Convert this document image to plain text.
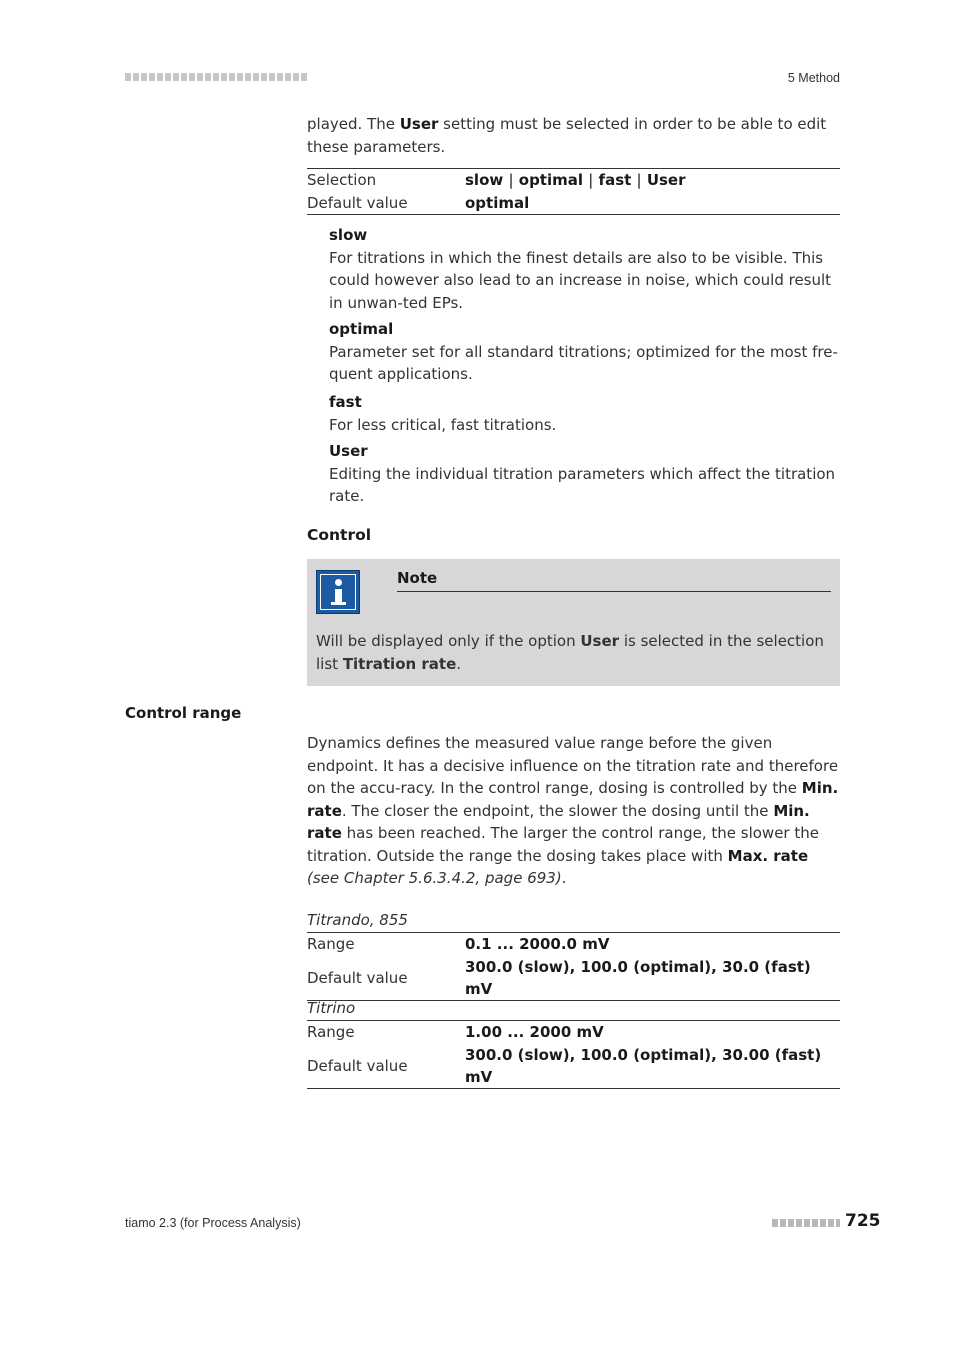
5 Method

played. The User setting must be selected in order to be able to edit these parameters.

Selection	slow | optimal | fast | User
Default value	optimal
slow
For titrations in which the finest details are also to be visible. This could however also lead to an increase in noise, which could result in unwan-ted EPs.
optimal
Parameter set for all standard titrations; optimized for the most fre-quent applications.
fast
For less critical, fast titrations.
User
Editing the individual titration parameters which affect the titration rate.
Control
Note
Will be displayed only if the option User is selected in the selection list Titration rate.
Control range

Dynamics defines the measured value range before the given endpoint. It has a decisive influence on the titration rate and therefore on the accu-racy. In the control range, dosing is controlled by the Min. rate. The closer the endpoint, the slower the dosing until the Min. rate has been reached. The larger the control range, the slower the titration. Outside the range the dosing takes place with Max. rate (see Chapter 5.6.3.4.2, page 693).

Titrando, 855
Range	0.1 ... 2000.0 mV
Default value	300.0 (slow), 100.0 (optimal), 30.0 (fast) mV
Titrino
Range	1.00 ... 2000 mV
Default value	300.0 (slow), 100.0 (optimal), 30.00 (fast) mV
tiamo 2.3 (for Process Analysis)	725
